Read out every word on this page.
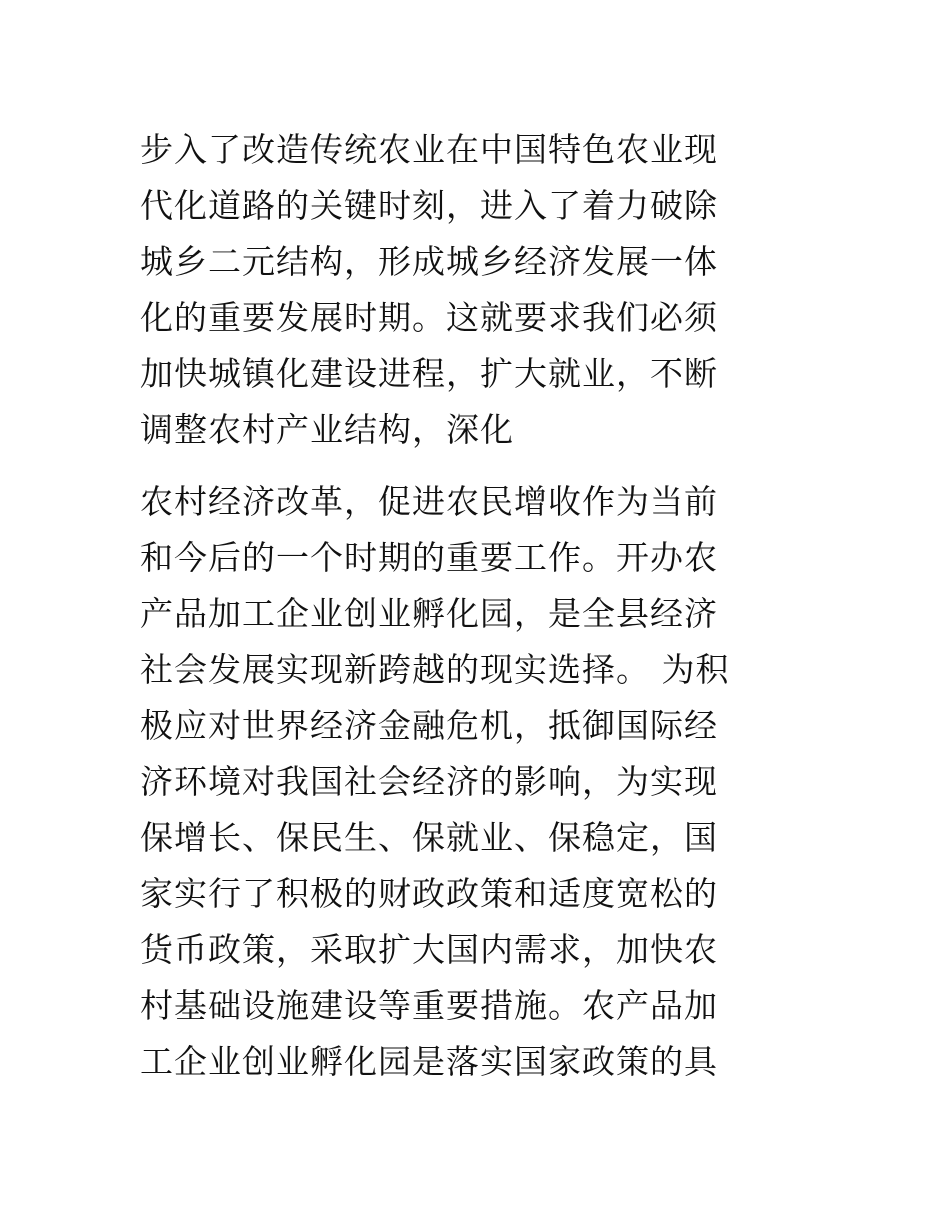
步入了改造传统农业在中国特色农业现
代化道路的关键时刻，进入了着力破除
城乡二元结构，形成城乡经济发展一体
化的重要发展时期。这就要求我们必须
加快城镇化建设进程，扩大就业，不断
调整农村产业结构，深化

农村经济改革，促进农民增收作为当前
和今后的一个时期的重要工作。开办农
产品加工企业创业孵化园，是全县经济
社会发展实现新跨越的现实选择。 为积
极应对世界经济金融危机，抵御国际经
济环境对我国社会经济的影响，为实现
保增长、保民生、保就业、保稳定，国
家实行了积极的财政政策和适度宽松的
货币政策，采取扩大国内需求，加快农
村基础设施建设等重要措施。农产品加
工企业创业孵化园是落实国家政策的具
